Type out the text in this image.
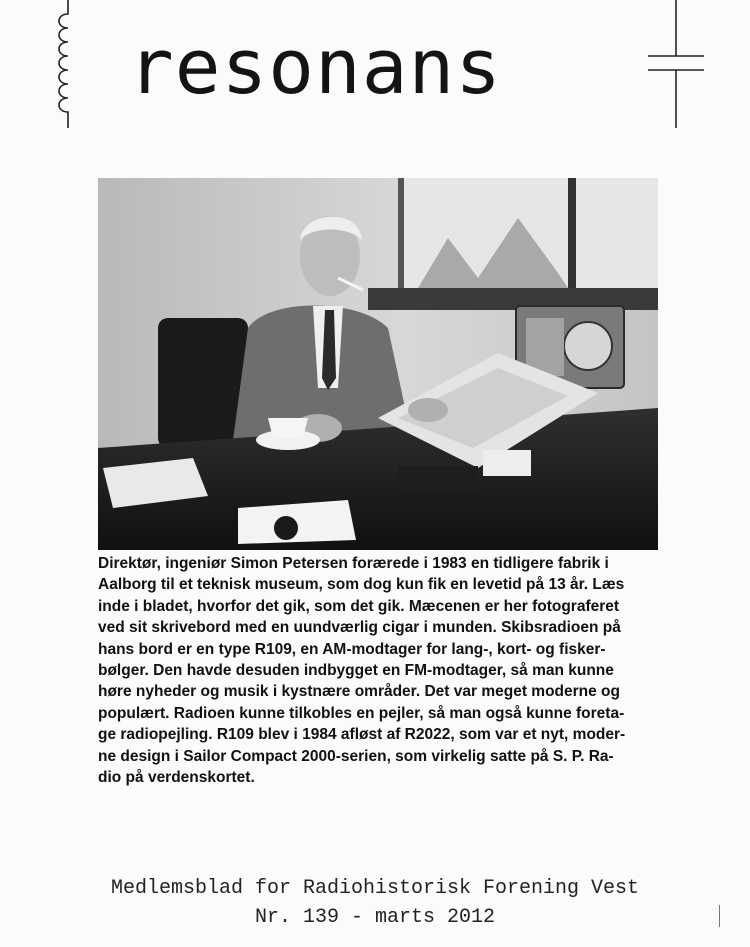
resonans
Direktør, ingeniør Simon Petersen forærede i 1983 en tidligere fabrik i
Aalborg til et teknisk museum, som dog kun fik en levetid på 13 år. Læs
inde i bladet, hvorfor det gik, som det gik. Mæcenen er her fotograferet
ved sit skrivebord med en uundværlig cigar i munden. Skibsradioen på
hans bord er en type R109, en AM-modtager for lang-, kort- og fisker-
bølger. Den havde desuden indbygget en FM-modtager, så man kunne
høre nyheder og musik i kystnære områder. Det var meget moderne og
populært. Radioen kunne tilkobles en pejler, så man også kunne foreta-
ge radiopejling. R109 blev i 1984 afløst af R2022, som var et nyt, moder-
ne design i Sailor Compact 2000-serien, som virkelig satte på S. P. Ra-
dio på verdenskortet.
Medlemsblad for Radiohistorisk Forening Vest
Nr. 139 - marts 2012
